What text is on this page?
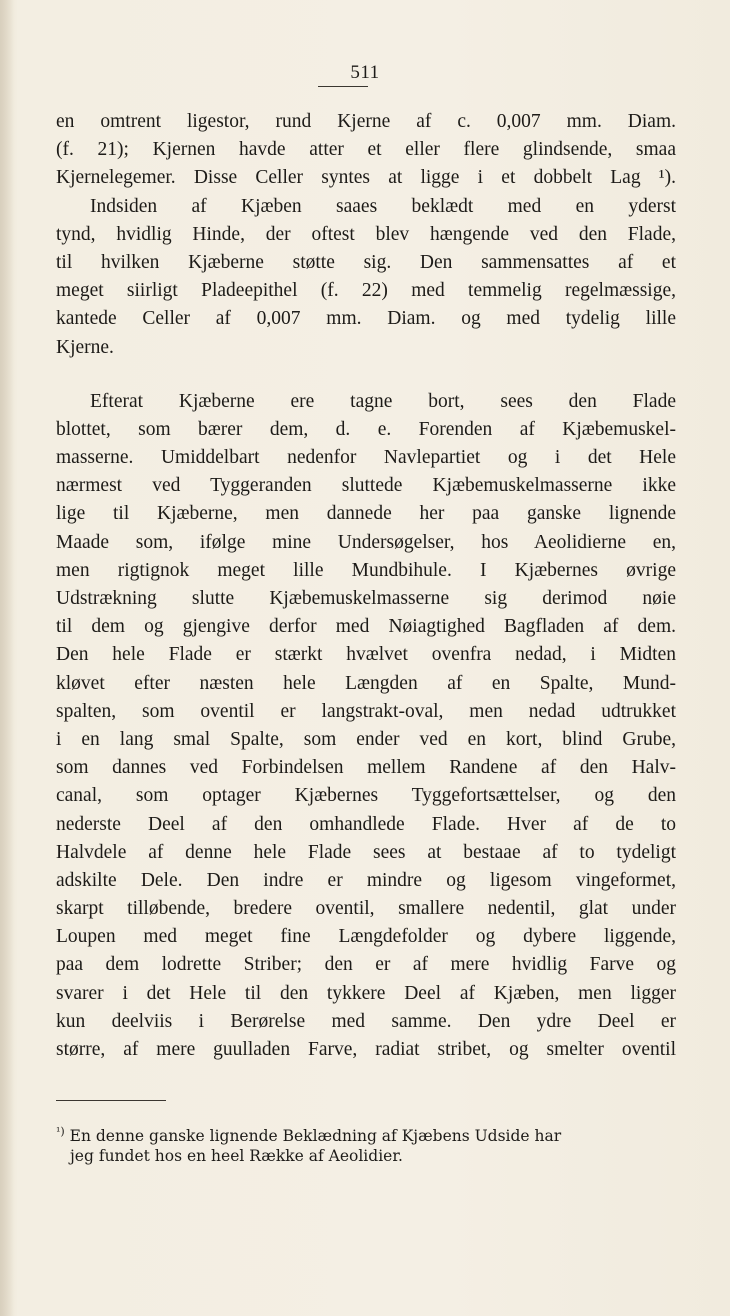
511
en omtrent ligestor, rund Kjerne af c. 0,007 mm. Diam.
(f. 21); Kjernen havde atter et eller flere glindsende, smaa
Kjernelegemer. Disse Celler syntes at ligge i et dobbelt Lag ¹).
Indsiden af Kjæben saaes beklædt med en yderst
tynd, hvidlig Hinde, der oftest blev hængende ved den Flade,
til hvilken Kjæberne støtte sig. Den sammensattes af et
meget siirligt Pladeepithel (f. 22) med temmelig regelmæssige,
kantede Celler af 0,007 mm. Diam. og med tydelig lille
Kjerne.
Efterat Kjæberne ere tagne bort, sees den Flade
blottet, som bærer dem, d. e. Forenden af Kjæbemuskel-
masserne. Umiddelbart nedenfor Navlepartiet og i det Hele
nærmest ved Tyggeranden sluttede Kjæbemuskelmasserne ikke
lige til Kjæberne, men dannede her paa ganske lignende
Maade som, ifølge mine Undersøgelser, hos Aeolidierne en,
men rigtignok meget lille Mundbihule. I Kjæbernes øvrige
Udstrækning slutte Kjæbemuskelmasserne sig derimod nøie
til dem og gjengive derfor med Nøiagtighed Bagfladen af dem.
Den hele Flade er stærkt hvælvet ovenfra nedad, i Midten
kløvet efter næsten hele Længden af en Spalte, Mund-
spalten, som oventil er langstrakt-oval, men nedad udtrukket
i en lang smal Spalte, som ender ved en kort, blind Grube,
som dannes ved Forbindelsen mellem Randene af den Halv-
canal, som optager Kjæbernes Tyggefortsættelser, og den
nederste Deel af den omhandlede Flade. Hver af de to
Halvdele af denne hele Flade sees at bestaae af to tydeligt
adskilte Dele. Den indre er mindre og ligesom vingeformet,
skarpt tilløbende, bredere oventil, smallere nedentil, glat under
Loupen med meget fine Længdefolder og dybere liggende,
paa dem lodrette Striber; den er af mere hvidlig Farve og
svarer i det Hele til den tykkere Deel af Kjæben, men ligger
kun deelviis i Berørelse med samme. Den ydre Deel er
større, af mere guulladen Farve, radiat stribet, og smelter oventil
$^{^1)}$ En denne ganske lignende Beklædning af Kjæbens Udside har
jeg fundet hos en heel Række af Aeolidier.
